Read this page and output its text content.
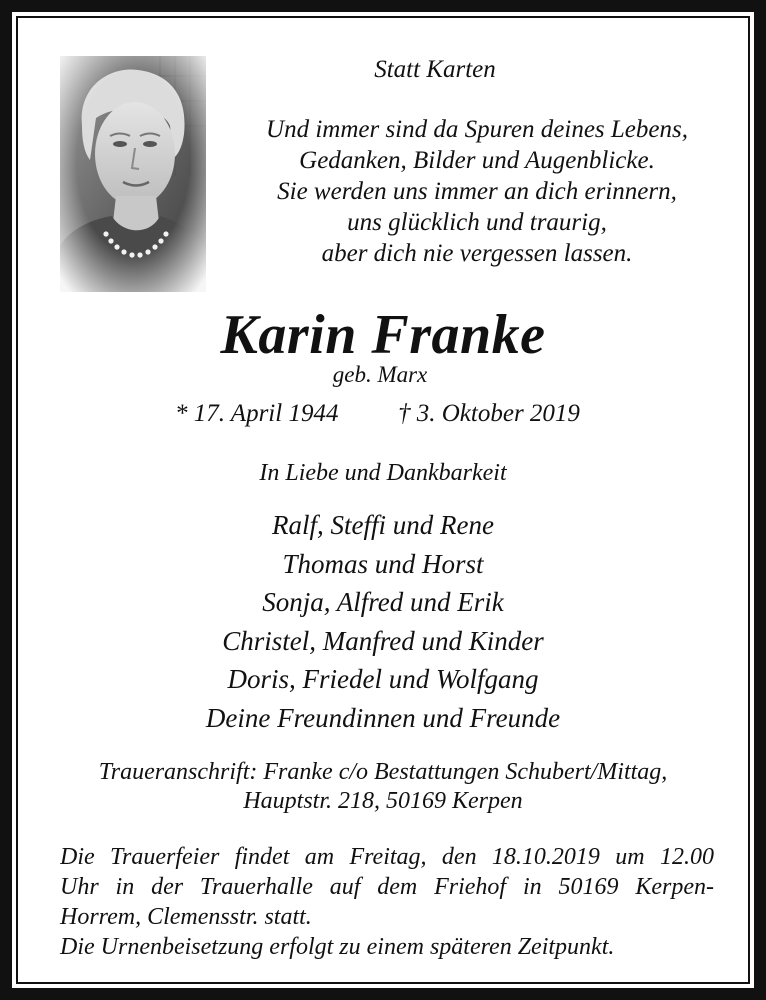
Statt Karten
Und immer sind da Spuren deines Lebens,
Gedanken, Bilder und Augenblicke.
Sie werden uns immer an dich erinnern,
uns glücklich und traurig,
aber dich nie vergessen lassen.
Karin Franke
geb. Marx
* 17. April 1944 † 3. Oktober 2019
In Liebe und Dankbarkeit
Ralf, Steffi und Rene
Thomas und Horst
Sonja, Alfred und Erik
Christel, Manfred und Kinder
Doris, Friedel und Wolfgang
Deine Freundinnen und Freunde
Traueranschrift: Franke c/o Bestattungen Schubert/Mittag,
Hauptstr. 218, 50169 Kerpen
Die Trauerfeier findet am Freitag, den 18.10.2019 um 12.00
Uhr in der Trauerhalle auf dem Friehof in 50169 Kerpen-
Horrem, Clemensstr. statt.
Die Urnenbeisetzung erfolgt zu einem späteren Zeitpunkt.
